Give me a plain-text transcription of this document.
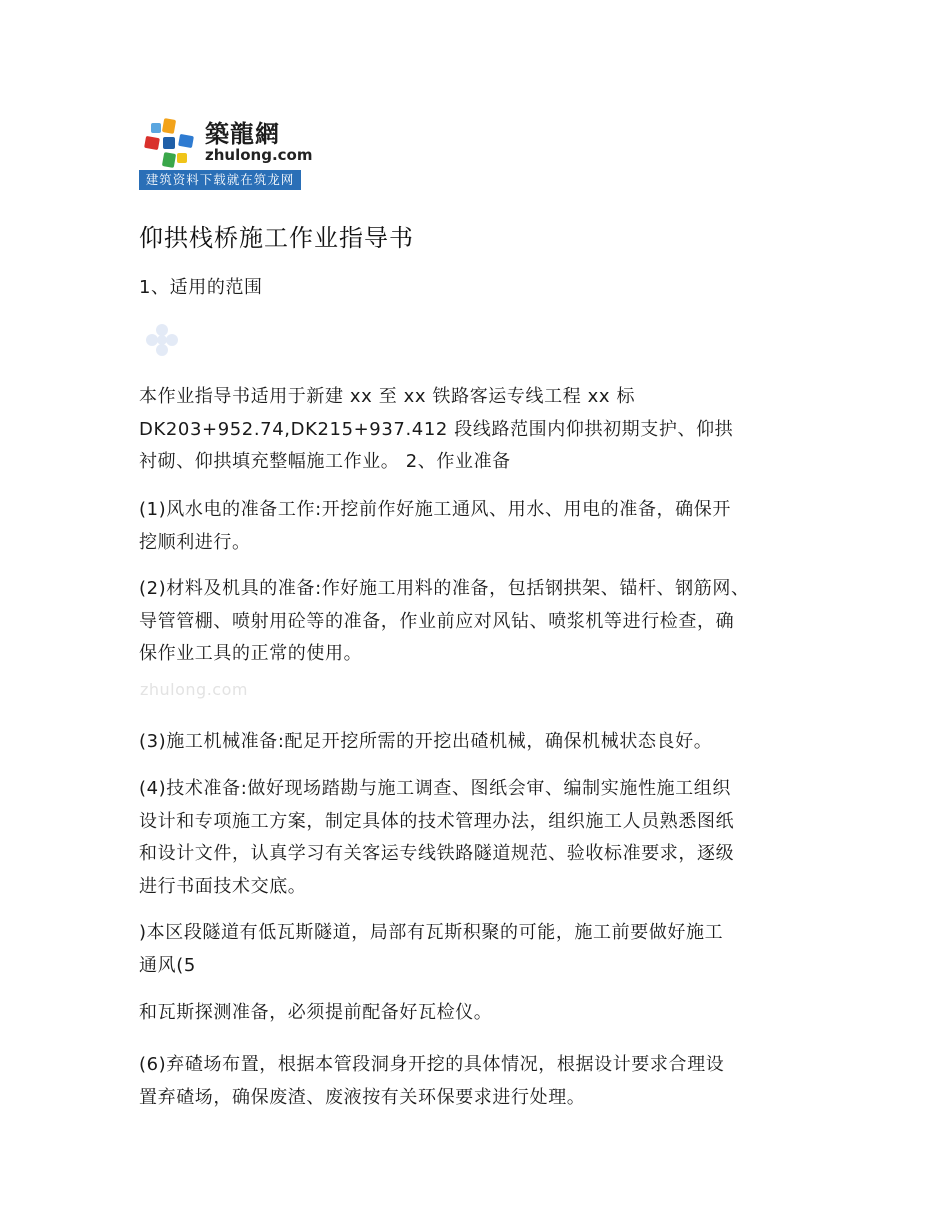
築龍網
zhulong.com
建筑资料下载就在筑龙网
仰拱栈桥施工作业指导书

1、适用的范围

本作业指导书适用于新建 xx 至 xx 铁路客运专线工程 xx 标
DK203+952.74,DK215+937.412 段线路范围内仰拱初期支护、仰拱
衬砌、仰拱填充整幅施工作业。 2、作业准备

(1)风水电的准备工作:开挖前作好施工通风、用水、用电的准备，确保开
挖顺利进行。

(2)材料及机具的准备:作好施工用料的准备，包括钢拱架、锚杆、钢筋网、
导管管棚、喷射用砼等的准备，作业前应对风钻、喷浆机等进行检查，确
保作业工具的正常的使用。

zhulong.com

(3)施工机械准备:配足开挖所需的开挖出碴机械，确保机械状态良好。

(4)技术准备:做好现场踏勘与施工调查、图纸会审、编制实施性施工组织
设计和专项施工方案，制定具体的技术管理办法，组织施工人员熟悉图纸
和设计文件，认真学习有关客运专线铁路隧道规范、验收标准要求，逐级
进行书面技术交底。

)本区段隧道有低瓦斯隧道，局部有瓦斯积聚的可能，施工前要做好施工
通风(5

和瓦斯探测准备，必须提前配备好瓦检仪。

(6)弃碴场布置，根据本管段洞身开挖的具体情况，根据设计要求合理设
置弃碴场，确保废渣、废液按有关环保要求进行处理。
